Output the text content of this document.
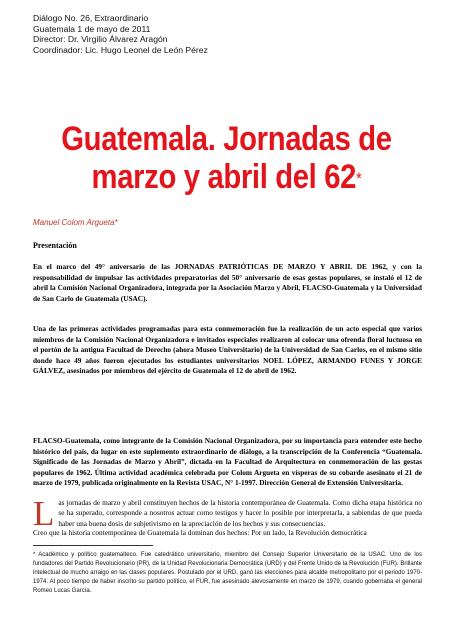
Diálogo No. 26, Extraordinario
Guatemala 1 de mayo de 2011
Director: Dr. Virgilio Álvarez Aragón
Coordinador: Lic. Hugo Leonel de León Pérez
Guatemala. Jornadas de
marzo y abril del 62*
Manuel Colom Argueta*
Presentación
En el marco del 49° aniversario de las JORNADAS PATRIÓTICAS DE MARZO Y ABRIL DE 1962, y con la responsabilidad de impulsar las actividades preparatorias del 50° aniversario de esas gestas populares, se instaló el 12 de abril la Comisión Nacional Organizadora, integrada por la Asociación Marzo y Abril, FLACSO-Guatemala y la Universidad de San Carlo de Guatemala (USAC).
Una de las primeras actividades programadas para esta conmemoración fue la realización de un acto especial que varios miembros de la Comisión Nacional Organizadora e invitados especiales realizaron al colocar una ofrenda floral luctuosa en el portón de la antigua Facultad de Derecho (ahora Museo Universitario) de la Universidad de San Carlos, en el mismo sitio donde hace 49 años fueron ejecutados los estudiantes universitarios NOEL LÓPEZ, ARMANDO FUNES Y JORGE GÁLVEZ, asesinados por miembros del ejército de Guatemala el 12 de abril de 1962.
FLACSO-Guatemala, como integrante de la Comisión Nacional Organizadora, por su importancia para entender este hecho histórico del país, da lugar en este suplemento extraordinario de diálogo, a la transcripción de la Conferencia “Guatemala. Significado de las Jornadas de Marzo y Abril”, dictada en la Facultad de Arquitectura en conmemoración de las gestas populares de 1962. Última actividad académica celebrada por Colom Argueta en vísperas de su cobarde asesinato el 21 de marzo de 1979, publicada originalmente en la Revista USAC, N° 1-1997. Dirección General de Extensión Universitaria.
Las jornadas de marzo y abril constituyen hechos de la historia contemporánea de Guatemala. Como dicha etapa histórica no se ha superado, corresponde a nosotros actuar como testigos y hacer lo posible por interpretarla, a sabiendas de que pueda haber una buena dosis de subjetivismo en la apreciación de los hechos y sus consecuencias.
Creo que la historia contemporánea de Guatemala la dominan dos hechos: Por un lado, la Revolución democrática
* Académico y político guatemalteco. Fue catedrático universitario, miembro del Consejo Superior Universitario de la USAC. Uno de los fundadores del Partido Revolucionario (PR), de la Unidad Revolucionaria Democrática (URD) y del Frente Unido de la Revolución (FUR). Brillante intelectual de mucho arraigo en las clases populares. Postulado por el URD, ganó las elecciones para alcalde metropolitano por el periodo 1970-1974. Al poco tiempo de haber inscrito su partido político, el FUR, fue asesinado alevosamente en marzo de 1979, cuando gobernaba el general Romeo Lucas García.
